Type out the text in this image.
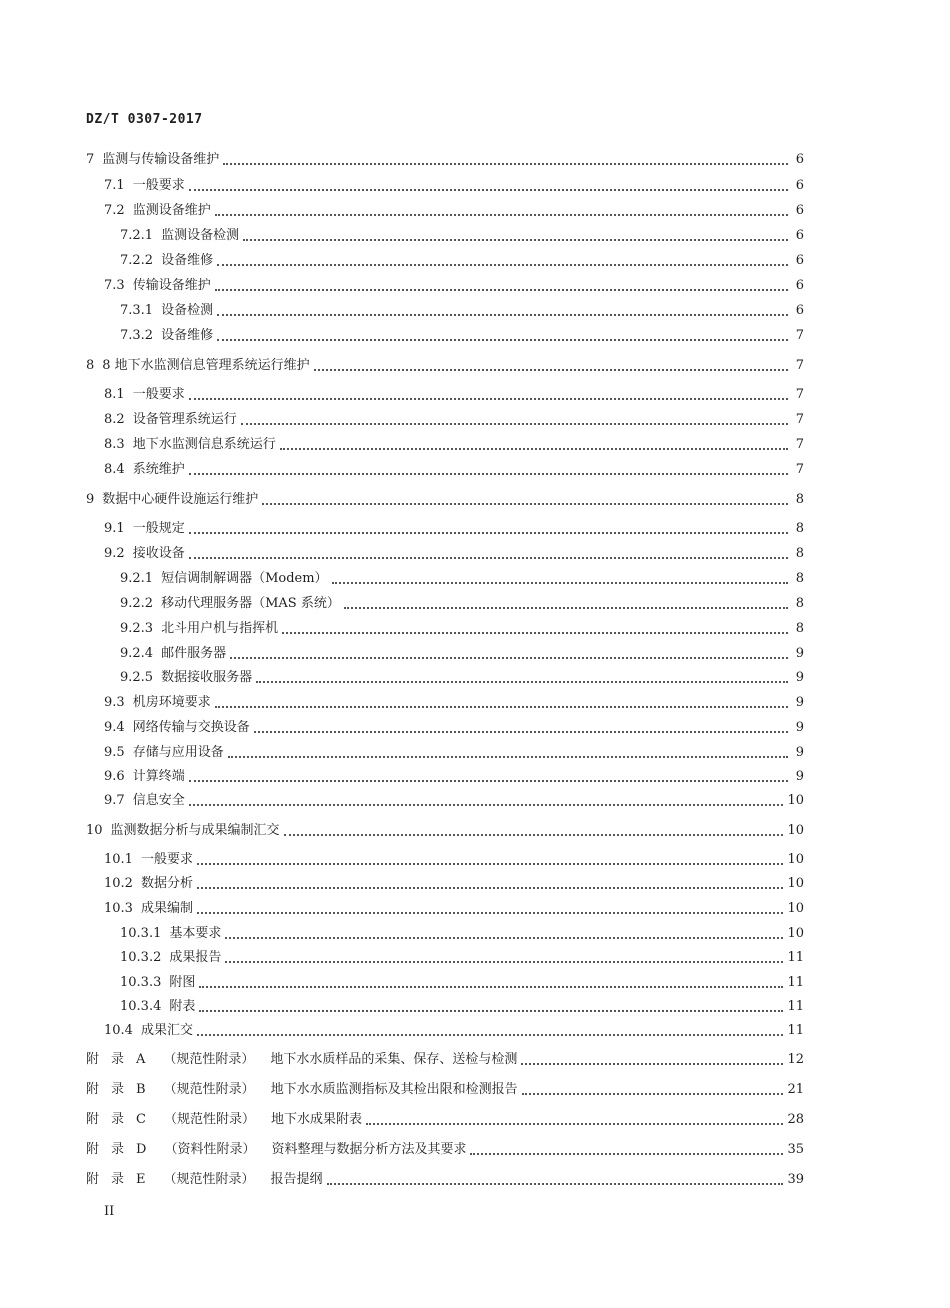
DZ/T 0307-2017
7 监测与传输设备维护	6
7.1 一般要求	6
7.2 监测设备维护	6
7.2.1 监测设备检测	6
7.2.2 设备维修	6
7.3 传输设备维护	6
7.3.1 设备检测	6
7.3.2 设备维修	7
8 8 地下水监测信息管理系统运行维护	7
8.1 一般要求	7
8.2 设备管理系统运行	7
8.3 地下水监测信息系统运行	7
8.4 系统维护	7
9 数据中心硬件设施运行维护	8
9.1 一般规定	8
9.2 接收设备	8
9.2.1 短信调制解调器（Modem）	8
9.2.2 移动代理服务器（MAS 系统）	8
9.2.3 北斗用户机与指挥机	8
9.2.4 邮件服务器	9
9.2.5 数据接收服务器	9
9.3 机房环境要求	9
9.4 网络传输与交换设备	9
9.5 存储与应用设备	9
9.6 计算终端	9
9.7 信息安全	10
10 监测数据分析与成果编制汇交	10
10.1 一般要求	10
10.2 数据分析	10
10.3 成果编制	10
10.3.1 基本要求	10
10.3.2 成果报告	11
10.3.3 附图	11
10.3.4 附表	11
10.4 成果汇交	11
附录A （规范性附录） 地下水水质样品的采集、保存、送检与检测	12
附录B （规范性附录） 地下水水质监测指标及其检出限和检测报告	21
附录C （规范性附录） 地下水成果附表	28
附录D （资料性附录） 资料整理与数据分析方法及其要求	35
附录E （规范性附录） 报告提纲	39
II
